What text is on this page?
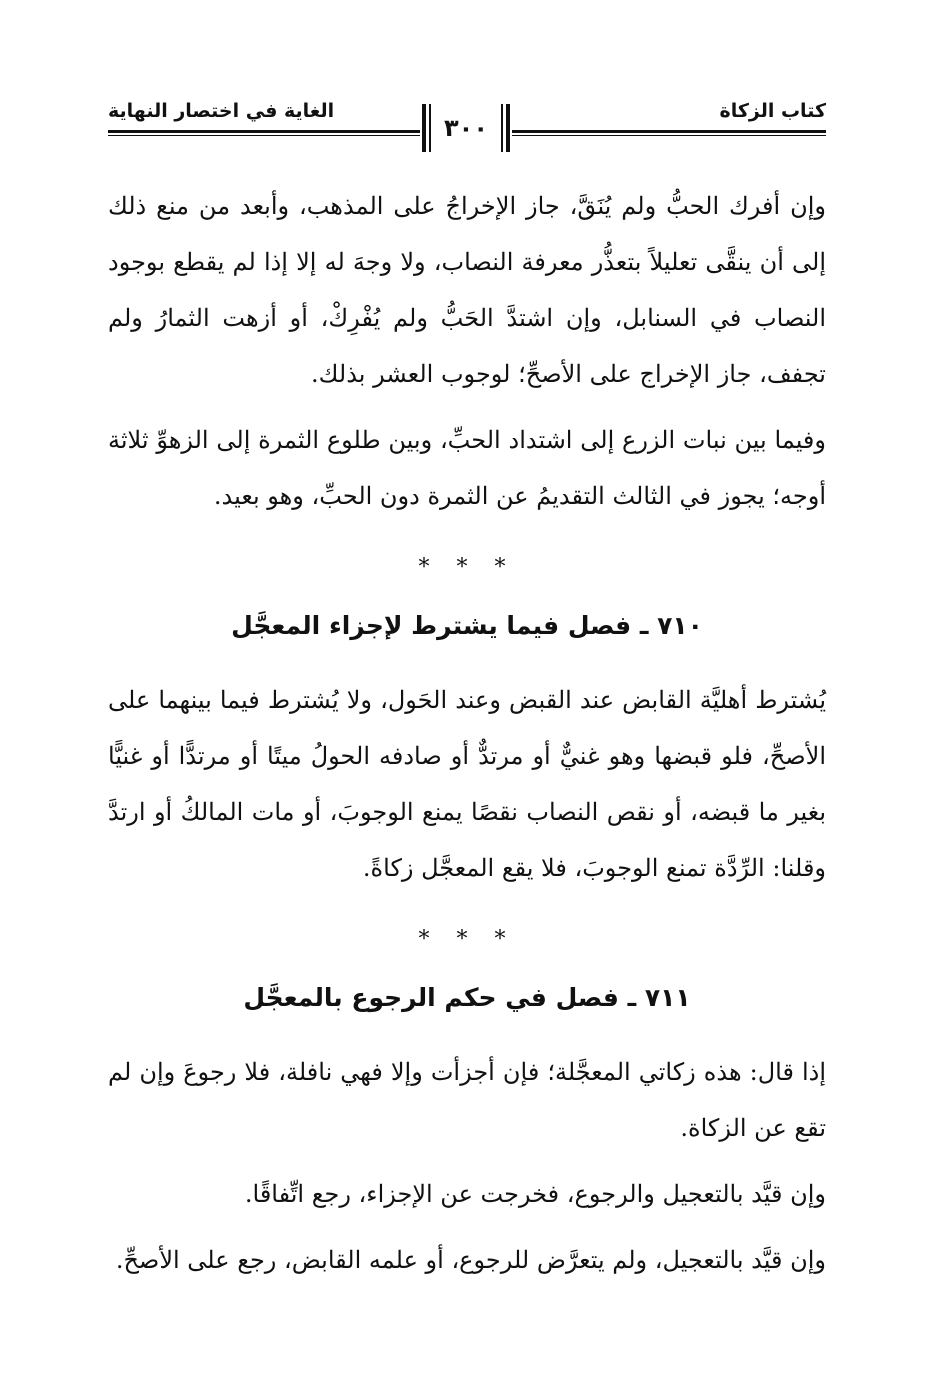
كتاب الزكاة
الغاية في اختصار النهاية
٣٠٠

وإن أفرك الحبُّ ولم يُنَقَّ، جاز الإخراجُ على المذهب، وأبعد من منع ذلك إلى أن ينقَّى تعليلاً بتعذُّر معرفة النصاب، ولا وجهَ له إلا إذا لم يقطع بوجود النصاب في السنابل، وإن اشتدَّ الحَبُّ ولم يُفْرِكْ، أو أزهت الثمارُ ولم تجفف، جاز الإخراج على الأصحِّ؛ لوجوب العشر بذلك.

وفيما بين نبات الزرع إلى اشتداد الحبِّ، وبين طلوع الثمرة إلى الزهوِّ ثلاثة أوجه؛ يجوز في الثالث التقديمُ عن الثمرة دون الحبِّ، وهو بعيد.

* * *
٧١٠ ـ فصل فيما يشترط لإجزاء المعجَّل

يُشترط أهليَّة القابض عند القبض وعند الحَول، ولا يُشترط فيما بينهما على الأصحِّ، فلو قبضها وهو غنيٌّ أو مرتدٌّ أو صادفه الحولُ ميتًا أو مرتدًّا أو غنيًّا بغير ما قبضه، أو نقص النصاب نقصًا يمنع الوجوبَ، أو مات المالكُ أو ارتدَّ وقلنا: الرِّدَّة تمنع الوجوبَ، فلا يقع المعجَّل زكاةً.

* * *
٧١١ ـ فصل في حكم الرجوع بالمعجَّل

إذا قال: هذه زكاتي المعجَّلة؛ فإن أجزأت وإلا فهي نافلة، فلا رجوعَ وإن لم تقع عن الزكاة.

وإن قيَّد بالتعجيل والرجوع، فخرجت عن الإجزاء، رجع اتِّفاقًا.

وإن قيَّد بالتعجيل، ولم يتعرَّض للرجوع، أو علمه القابض، رجع على الأصحِّ.
